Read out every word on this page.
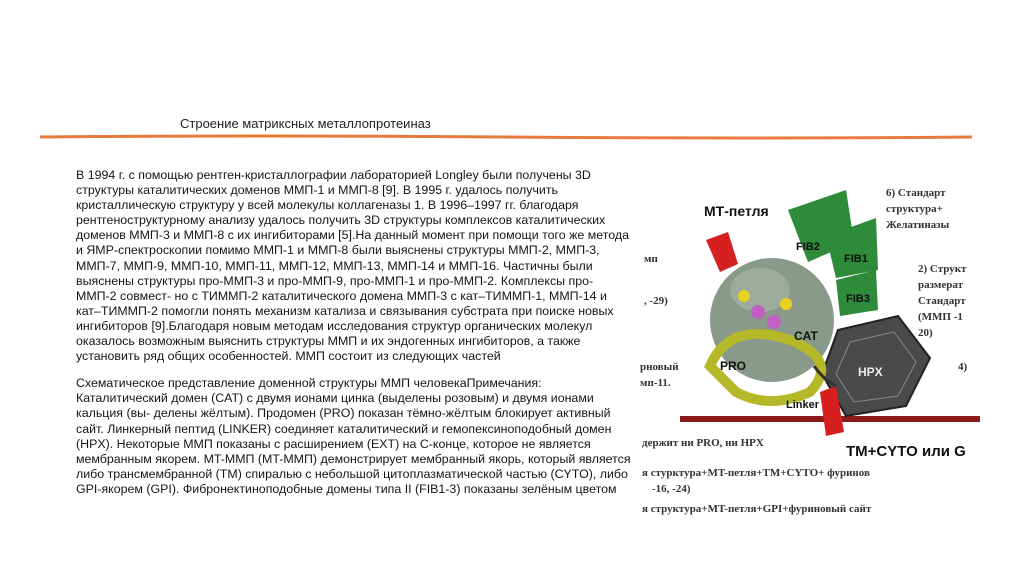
Строение матриксных металлопротеиназ

В 1994 г. с помощью рентген-кристаллографии лабораторией Longley были получены 3D структуры каталитических доменов ММП-1 и ММП-8 [9]. В 1995 г. удалось получить кристаллическую структуру у всей молекулы коллагеназы 1. В 1996–1997 гг. благодаря рентгеноструктурному анализу удалось получить 3D структуры комплексов каталитических доменов ММП-3 и ММП-8 с их ингибиторами [5].На данный момент при помощи того же метода и ЯМР-спектроскопии помимо ММП-1 и ММП-8 были выяснены структуры ММП-2, ММП-3, ММП-7, ММП-9, ММП-10, ММП-11, ММП-12, ММП-13, ММП-14 и ММП-16. Частичны были выяснены структуры про-ММП-3 и про-ММП-9, про-ММП-1 и про-ММП-2. Комплексы про-ММП-2 совмест- но с ТИММП-2 каталитического домена ММП-3 с кат–ТИММП-1, ММП-14 и кат–ТИММП-2 помогли понять механизм катализа и связывания субстрата при поиске новых ингибиторов [9].Благодаря новым методам исследования структур органических молекул оказалось возможным выяснить структуры ММП и их эндогенных ингибиторов, а также установить ряд общих особенностей. ММП состоит из следующих частей

Схематическое представление доменной структуры ММП человекаПримечания: Каталитический домен (CAT) с двумя ионами цинка (выделены розовым) и двумя ионами кальция (вы- делены жёлтым). Продомен (PRO) показан тёмно-жёлтым блокирует активный сайт. Линкерный пептид (LINKER) соединяет каталитический и гемопексиноподобный домен (HPX). Некоторые ММП показаны с расширением (EXT) на С-конце, которое не является мембранным якорем. MT-ММП (MT-ММП) демонстрирует мембранный якорь, который является либо трансмембранной (TM) спиралью с небольшой цитоплазматической частью (CYTO), либо GPI-якорем (GPI). Фибронектиноподобные домены типа II (FIB1-3) показаны зелёным цветом

6) Стандарт
структура+
Желатиназы
2) Структ
размерат
Стандарт
(ММП -1
20)
4)
мп
, -29)
рновый
мп-11.
держит ни PRO, ни HPX
я стурктура+MT-петля+TM+CYTO+ фуринов
-16, -24)
я структура+MT-петля+GPI+фуриновый сайт
МТ-петля
FIB2
FIB1
FIB3
CAT
PRO	HPX
Linker
TM+CYTO или G
